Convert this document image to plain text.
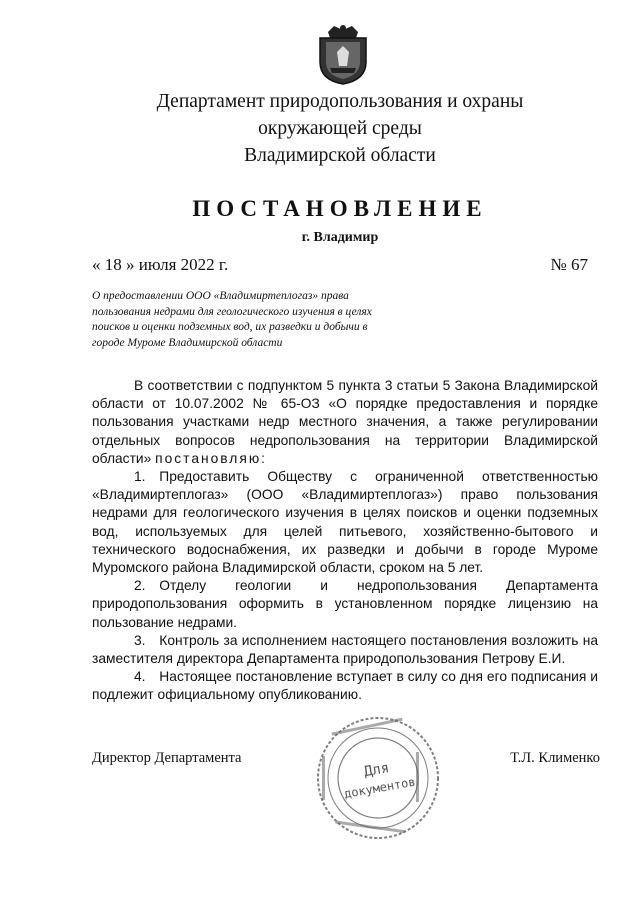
Департамент природопользования и охраны
окружающей среды
Владимирской области
ПОСТАНОВЛЕНИЕ
г. Владимир
« 18 » июля 2022 г.	№ 67
О предоставлении ООО «Владимиртеплогаз» права пользования недрами для геологического изучения в целях поисков и оценки подземных вод, их разведки и добычи в городе Муроме Владимирской области

В соответствии с подпунктом 5 пункта 3 статьи 5 Закона Владимирской области от 10.07.2002 № 65-ОЗ «О порядке предоставления и порядке пользования участками недр местного значения, а также регулировании отдельных вопросов недропользования на территории Владимирской области» постановляю:

1. Предоставить Обществу с ограниченной ответственностью «Владимиртеплогаз» (ООО «Владимиртеплогаз») право пользования недрами для геологического изучения в целях поисков и оценки подземных вод, используемых для целей питьевого, хозяйственно-бытового и технического водоснабжения, их разведки и добычи в городе Муроме Муромского района Владимирской области, сроком на 5 лет.

2. Отделу геологии и недропользования Департамента природопользования оформить в установленном порядке лицензию на пользование недрами.

3. Контроль за исполнением настоящего постановления возложить на заместителя директора Департамента природопользования Петрову Е.И.

4. Настоящее постановление вступает в силу со дня его подписания и подлежит официальному опубликованию.

Директор Департамента	Т.Л. Клименко
Для
документов
